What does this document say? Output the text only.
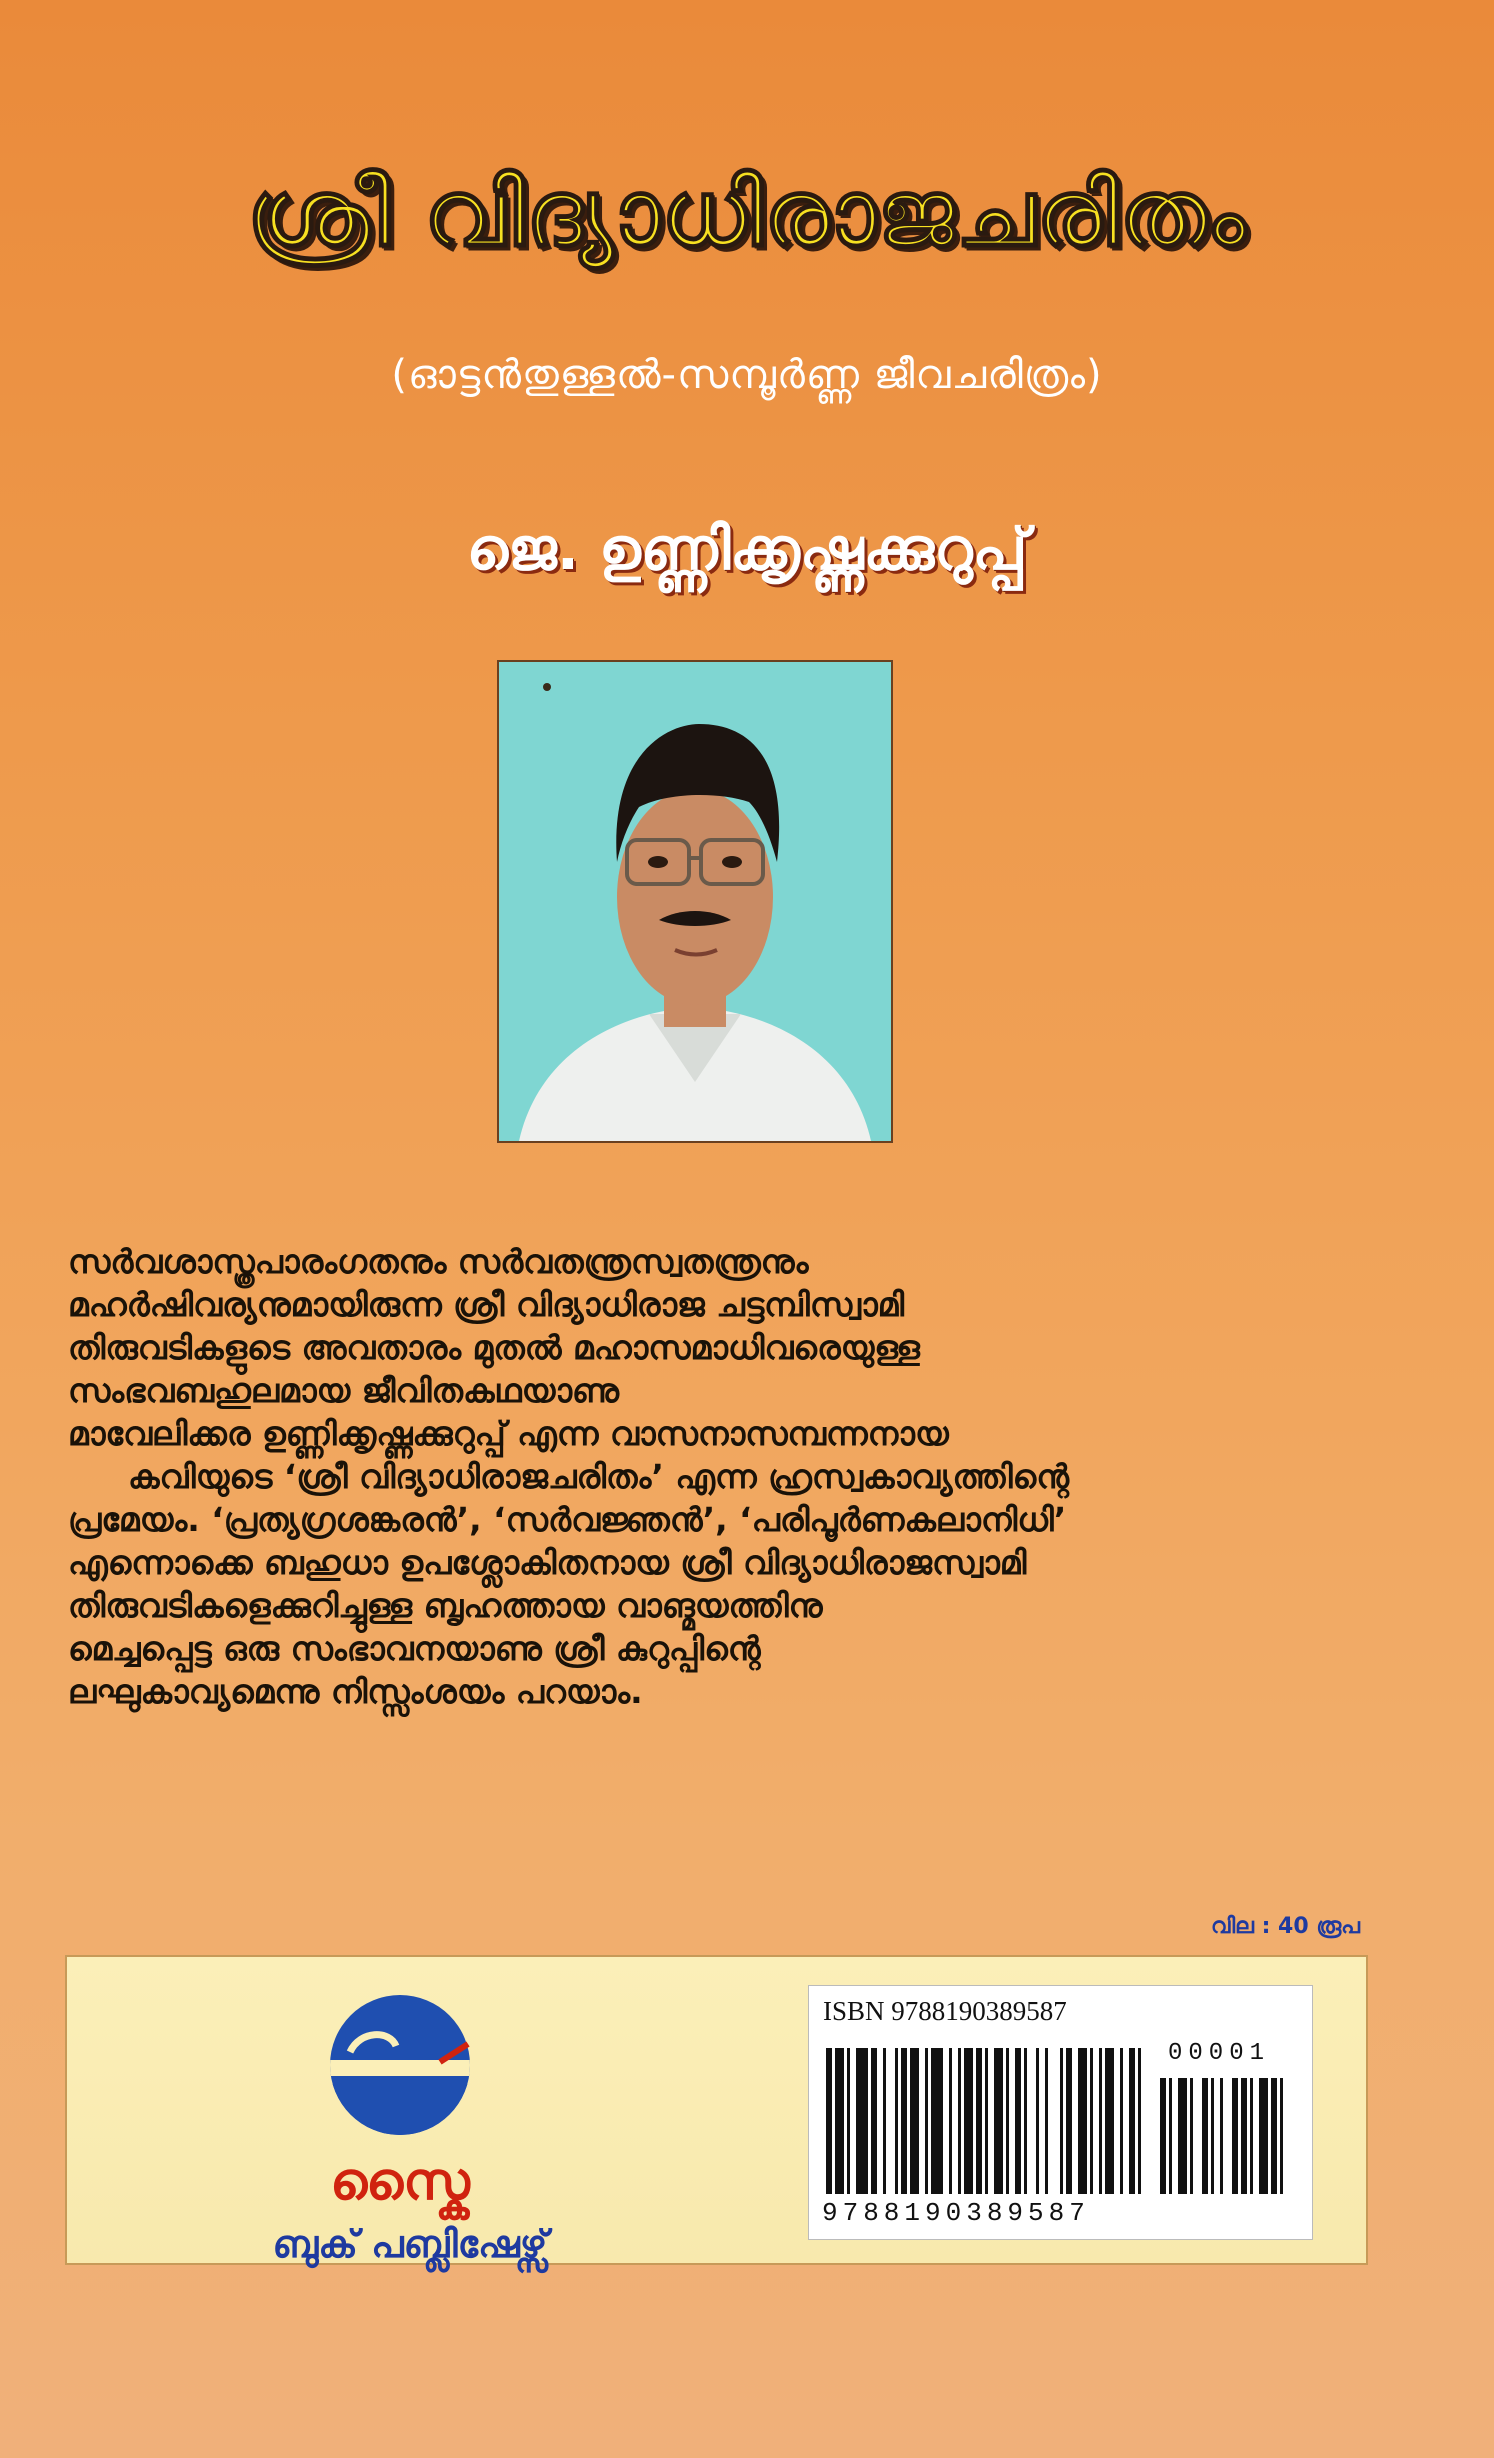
ശ്രീ വിദ്യാധിരാജചരിതം
(ഓട്ടൻതുള്ളൽ-സമ്പൂർണ്ണ ജീവചരിത്രം)
ജെ. ഉണ്ണിക്കൃഷ്ണക്കുറുപ്പ്
സർവശാസ്ത്രപാരംഗതനും സർവതന്ത്രസ്വതന്ത്രനും
മഹർഷിവര്യനുമായിരുന്ന ശ്രീ വിദ്യാധിരാജ ചട്ടമ്പിസ്വാമി
തിരുവടികളുടെ അവതാരം മുതൽ മഹാസമാധിവരെയുള്ള
സംഭവബഹുലമായ ജീവിതകഥയാണു
മാവേലിക്കര ഉണ്ണിക്കൃഷ്ണക്കുറുപ്പ് എന്ന വാസനാസമ്പന്നനായ
കവിയുടെ ‘ശ്രീ വിദ്യാധിരാജചരിതം’ എന്ന ഹ്രസ്വകാവ്യത്തിന്റെ
പ്രമേയം. ‘പ്രത്യഗ്രശങ്കരൻ’, ‘സർവജ്ഞൻ’, ‘പരിപൂർണകലാനിധി’
എന്നൊക്കെ ബഹുധാ ഉപശ്ലോകിതനായ ശ്രീ വിദ്യാധിരാജസ്വാമി
തിരുവടികളെക്കുറിച്ചുള്ള ബൃഹത്തായ വാങ്മയത്തിനു
മെച്ചപ്പെട്ട ഒരു സംഭാവനയാണു ശ്രീ കുറുപ്പിന്റെ
ലഘുകാവ്യമെന്നു നിസ്സംശയം പറയാം.
വില : 40 രൂപ
സ്കൈ
ബുക് പബ്ലിഷേഴ്സ്
ISBN 9788190389587
00001
9788190389587
